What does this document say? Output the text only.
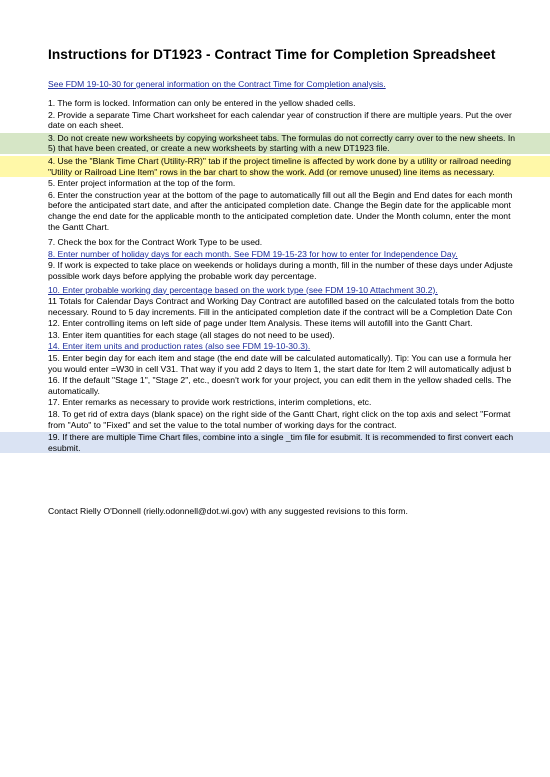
Instructions for DT1923 - Contract Time for Completion Spreadsheet
See FDM 19-10-30 for general information on the Contract Time for Completion analysis.
1. The form is locked. Information can only be entered in the yellow shaded cells.
2. Provide a separate Time Chart worksheet for each calendar year of construction if there are multiple years. Put the over
date on each sheet.
3. Do not create new worksheets by copying worksheet tabs. The formulas do not correctly carry over to the new sheets. In
5) that have been created, or create a new worksheets by starting with a new DT1923 file.
4. Use the "Blank Time Chart (Utility-RR)" tab if the project timeline is affected by work done by a utility or railroad needing
"Utility or Railroad Line Item" rows in the bar chart to show the work. Add (or remove unused) line items as necessary.
5. Enter project information at the top of the form.
6. Enter the construction year at the bottom of the page to automatically fill out all the Begin and End dates for each month
before the anticipated start date, and after the anticipated completion date. Change the Begin date for the applicable mont
change the end date for the applicable month to the anticipated completion date. Under the Month column, enter the mont
the Gantt Chart.
7. Check the box for the Contract Work Type to be used.
8. Enter number of holiday days for each month. See FDM 19-15-23 for how to enter for Independence Day.
9. If work is expected to take place on weekends or holidays during a month, fill in the number of these days under Adjuste
possible work days before applying the probable work day percentage.
10. Enter probable working day percentage based on the work type (see FDM 19-10 Attachment 30.2).
11 Totals for Calendar Days Contract and Working Day Contract are autofilled based on the calculated totals from the botto
necessary. Round to 5 day increments. Fill in the anticipated completion date if the contract will be a Completion Date Con
12. Enter controlling items on left side of page under Item Analysis. These items will autofill into the Gantt Chart.
13. Enter item quantities for each stage (all stages do not need to be used).
14. Enter item units and production rates (also see FDM 19-10-30.3).
15. Enter begin day for each item and stage (the end date will be calculated automatically). Tip: You can use a formula her
you would enter =W30 in cell V31. That way if you add 2 days to Item 1, the start date for Item 2 will automatically adjust b
16. If the default "Stage 1", "Stage 2", etc., doesn't work for your project, you can edit them in the yellow shaded cells. The
automatically.
17. Enter remarks as necessary to provide work restrictions, interim completions, etc.
18. To get rid of extra days (blank space) on the right side of the Gantt Chart, right click on the top axis and select "Format
from "Auto" to "Fixed" and set the value to the total number of working days for the contract.
19. If there are multiple Time Chart files, combine into a single _tim file for esubmit. It is recommended to first convert each
esubmit.
Contact Rielly O'Donnell (rielly.odonnell@dot.wi.gov) with any suggested revisions to this form.
